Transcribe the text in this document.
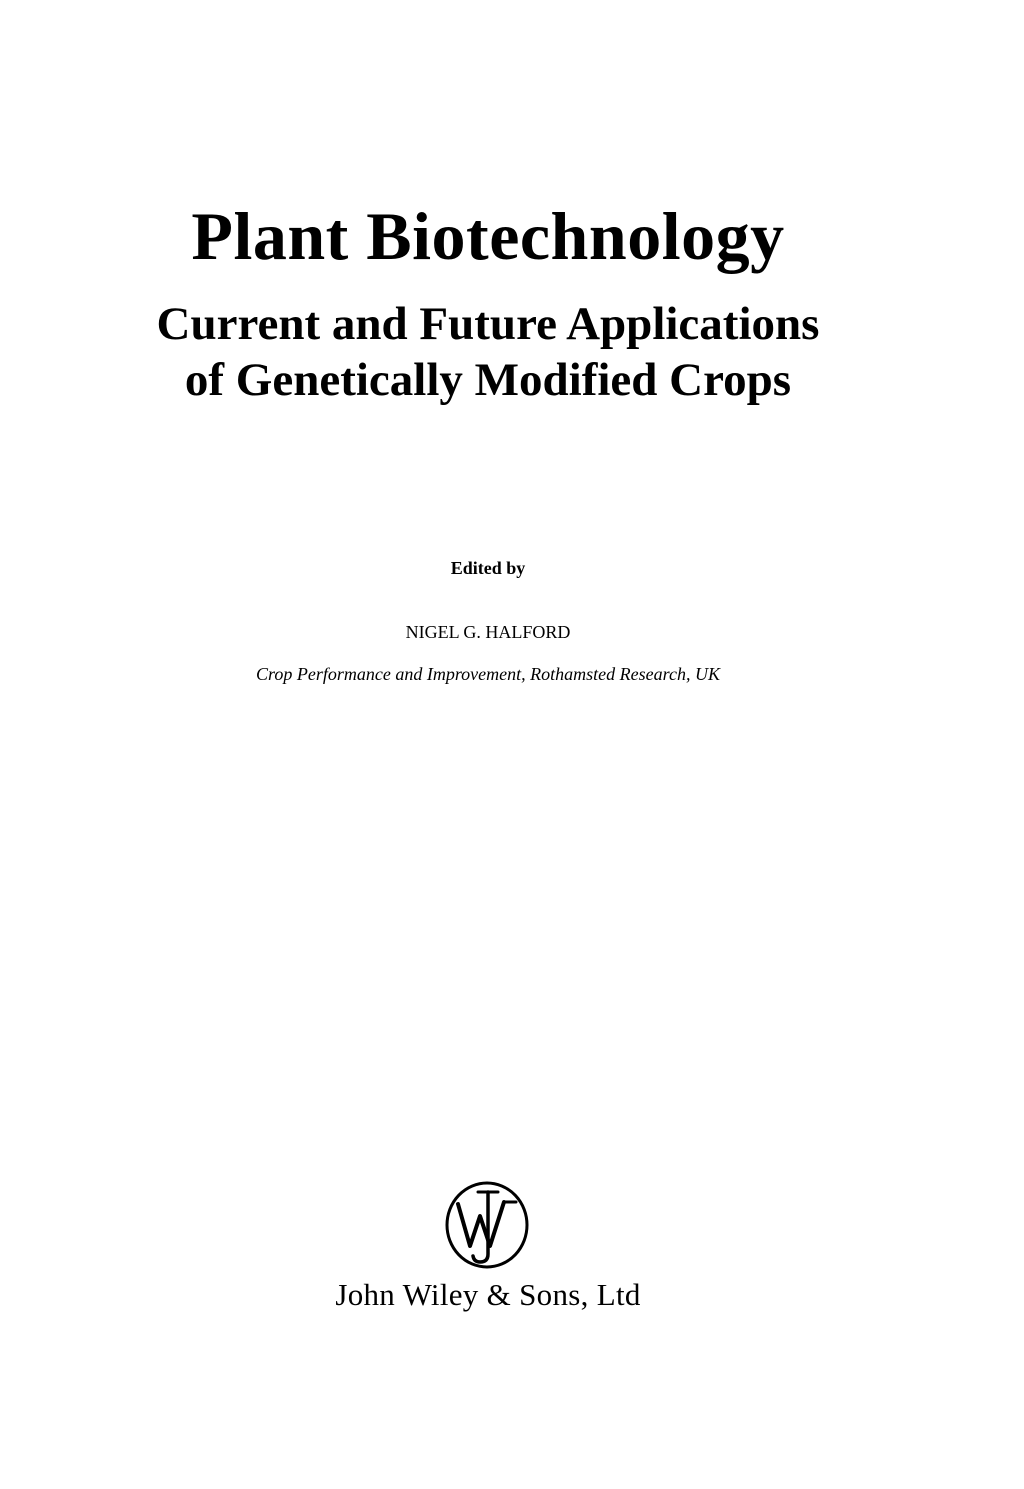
Plant Biotechnology
Current and Future Applications
of Genetically Modified Crops
Edited by
NIGEL G. HALFORD
Crop Performance and Improvement, Rothamsted Research, UK
John Wiley & Sons, Ltd
